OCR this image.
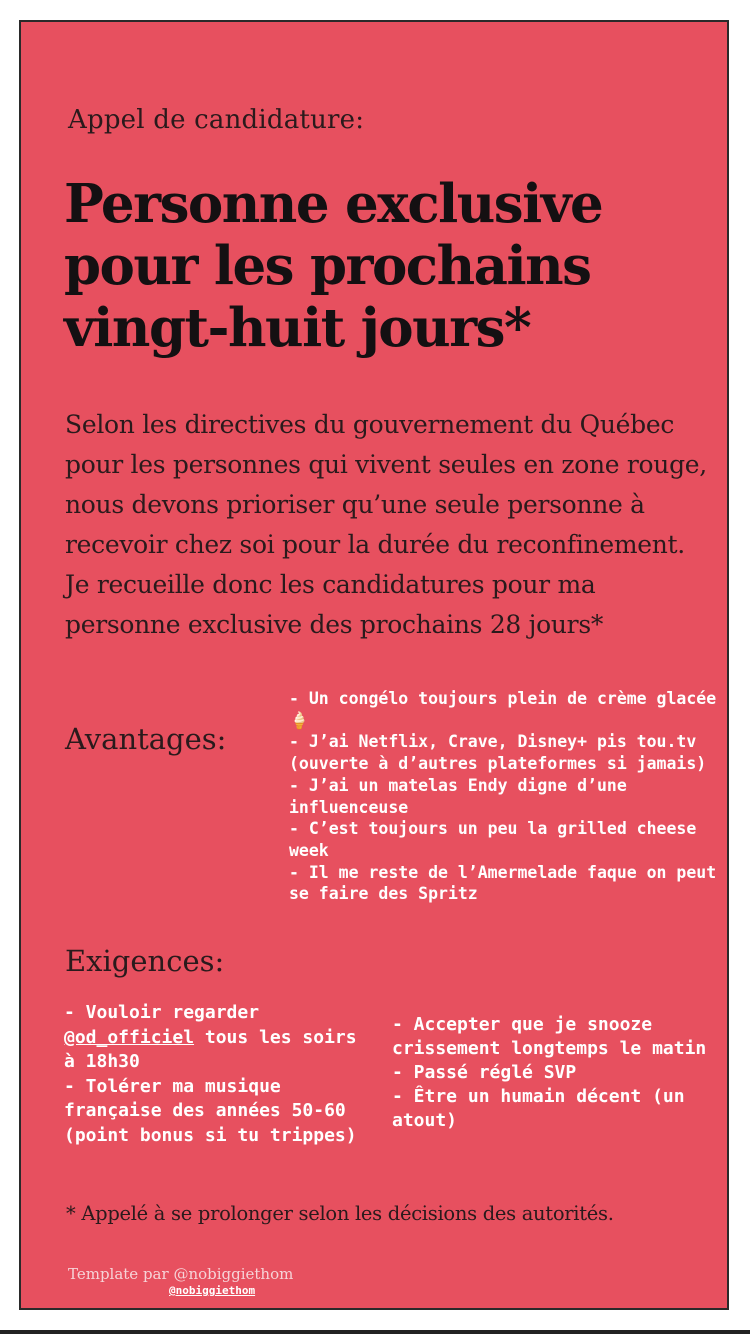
Appel de candidature:

Personne exclusive pour les prochains vingt-huit jours*

Selon les directives du gouvernement du Québec pour les personnes qui vivent seules en zone rouge, nous devons prioriser qu’une seule personne à recevoir chez soi pour la durée du reconfinement.
Je recueille donc les candidatures pour ma personne exclusive des prochains 28 jours*

Avantages:
- Un congélo toujours plein de crème glacée 🍦
- J’ai Netflix, Crave, Disney+ pis tou.tv (ouverte à d’autres plateformes si jamais)
- J’ai un matelas Endy digne d’une influenceuse
- C’est toujours un peu la grilled cheese week
- Il me reste de l’Amermelade faque on peut se faire des Spritz
Exigences:
- Vouloir regarder @od_officiel tous les soirs à 18h30
- Tolérer ma musique française des années 50-60 (point bonus si tu trippes)
- Accepter que je snooze crissement longtemps le matin
- Passé réglé SVP
- Être un humain décent (un atout)

* Appelé à se prolonger selon les décisions des autorités.

Template par @nobiggiethom
@nobiggiethom
